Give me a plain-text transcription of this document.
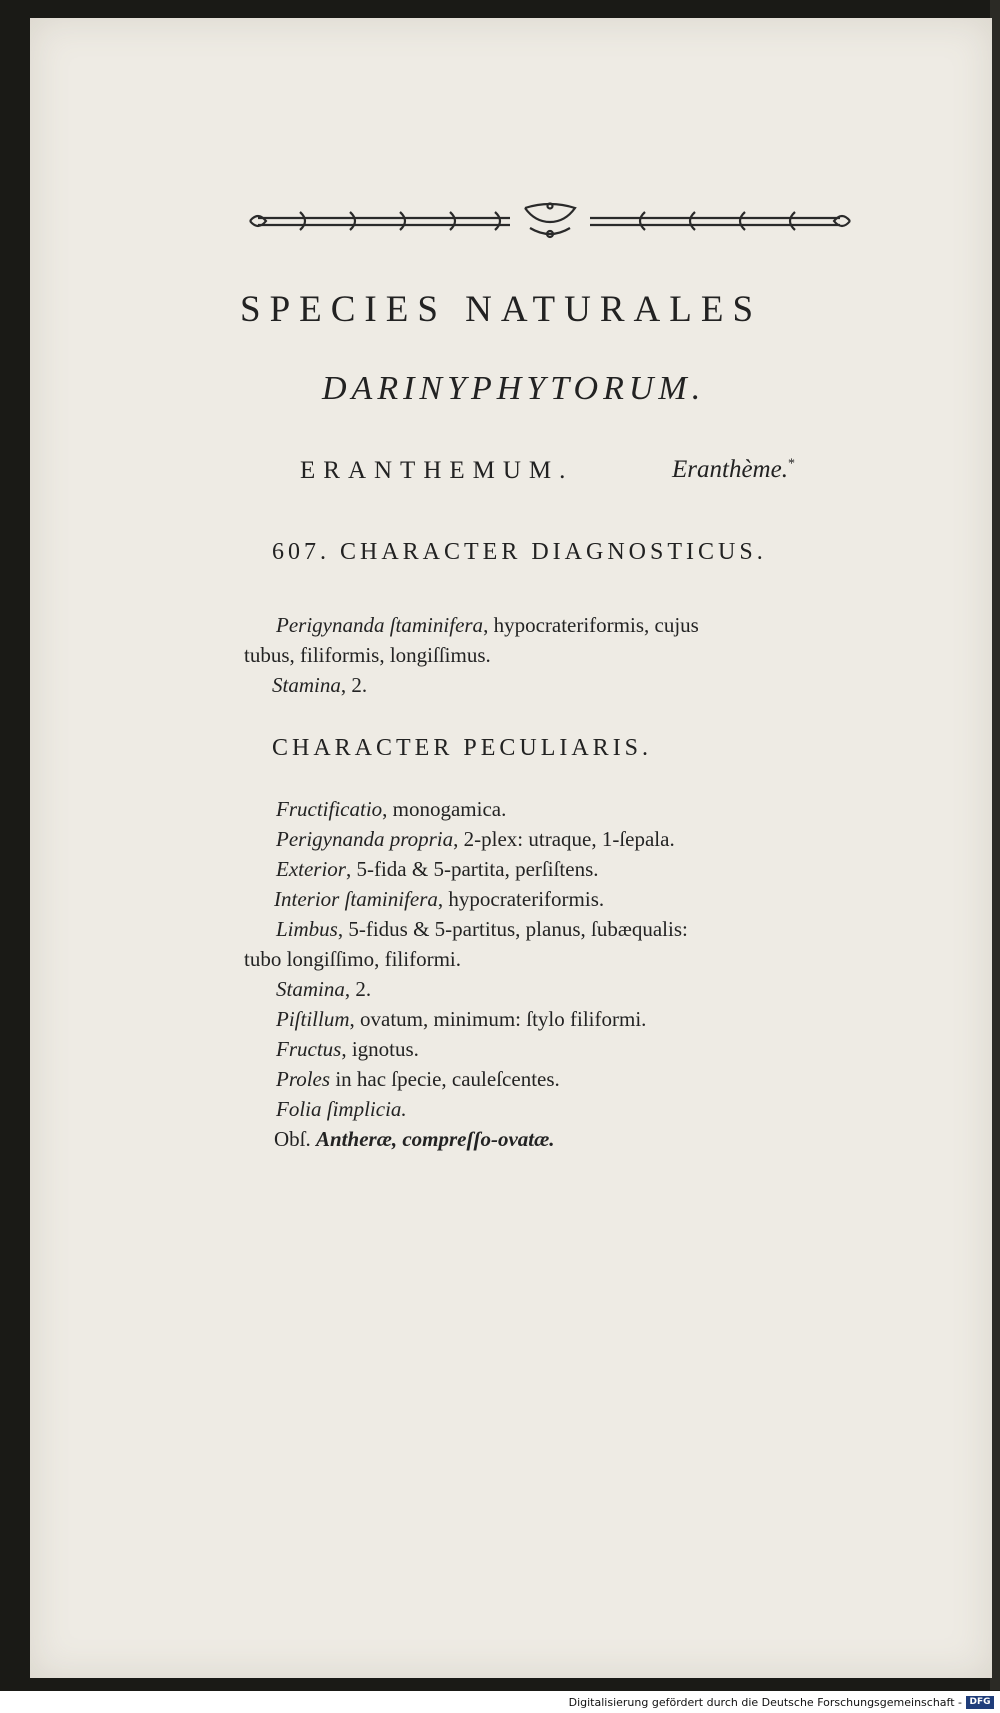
SPECIES NATURALES
DARINYPHYTORUM.
ERANTHEMUM.	Eranthème.*
607. CHARACTER DIAGNOSTICUS.
Perigynanda ſtaminifera, hypocrateriformis, cujus
tubus, filiformis, longiſſimus.
Stamina, 2.
CHARACTER PECULIARIS.
Fructificatio, monogamica.
Perigynanda propria, 2-plex: utraque, 1-ſepala.
Exterior, 5-fida & 5-partita, perſiſtens.
Interior ſtaminifera, hypocrateriformis.
Limbus, 5-fidus & 5-partitus, planus, ſubæqualis:
tubo longiſſimo, filiformi.
Stamina, 2.
Piſtillum, ovatum, minimum: ſtylo filiformi.
Fructus, ignotus.
Proles in hac ſpecie, cauleſcentes.
Folia ſimplicia.
Obſ. Antheræ, compreſſo-ovatæ.
Digitalisierung gefördert durch die Deutsche Forschungsgemeinschaft - DFG
